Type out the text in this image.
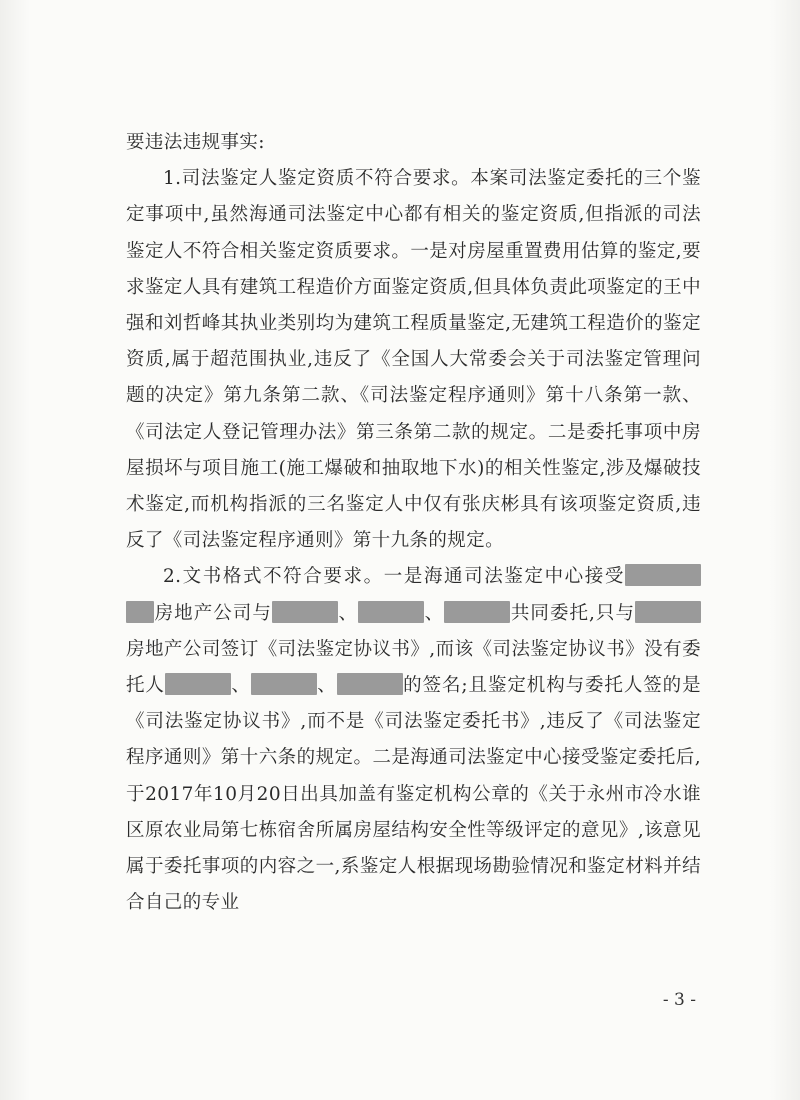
要违法违规事实:

1.司法鉴定人鉴定资质不符合要求。本案司法鉴定委托的三个鉴定事项中,虽然海通司法鉴定中心都有相关的鉴定资质,但指派的司法鉴定人不符合相关鉴定资质要求。一是对房屋重置费用估算的鉴定,要求鉴定人具有建筑工程造价方面鉴定资质,但具体负责此项鉴定的王中强和刘哲峰其执业类别均为建筑工程质量鉴定,无建筑工程造价的鉴定资质,属于超范围执业,违反了《全国人大常委会关于司法鉴定管理问题的决定》第九条第二款、《司法鉴定程序通则》第十八条第一款、《司法定人登记管理办法》第三条第二款的规定。二是委托事项中房屋损坏与项目施工(施工爆破和抽取地下水)的相关性鉴定,涉及爆破技术鉴定,而机构指派的三名鉴定人中仅有张庆彬具有该项鉴定资质,违反了《司法鉴定程序通则》第十九条的规定。

2.文书格式不符合要求。一是海通司法鉴定中心接受房地产公司与	、	、	共同委托,只与房地产公司签订《司法鉴定协议书》,而该《司法鉴定协议书》没有委托人	、	、	的签名;且鉴定机构与委托人签的是《司法鉴定协议书》,而不是《司法鉴定委托书》,违反了《司法鉴定程序通则》第十六条的规定。二是海通司法鉴定中心接受鉴定委托后,于2017年10月20日出具加盖有鉴定机构公章的《关于永州市冷水谁区原农业局第七栋宿舍所属房屋结构安全性等级评定的意见》,该意见属于委托事项的内容之一,系鉴定人根据现场勘验情况和鉴定材料并结合自己的专业

- 3 -
